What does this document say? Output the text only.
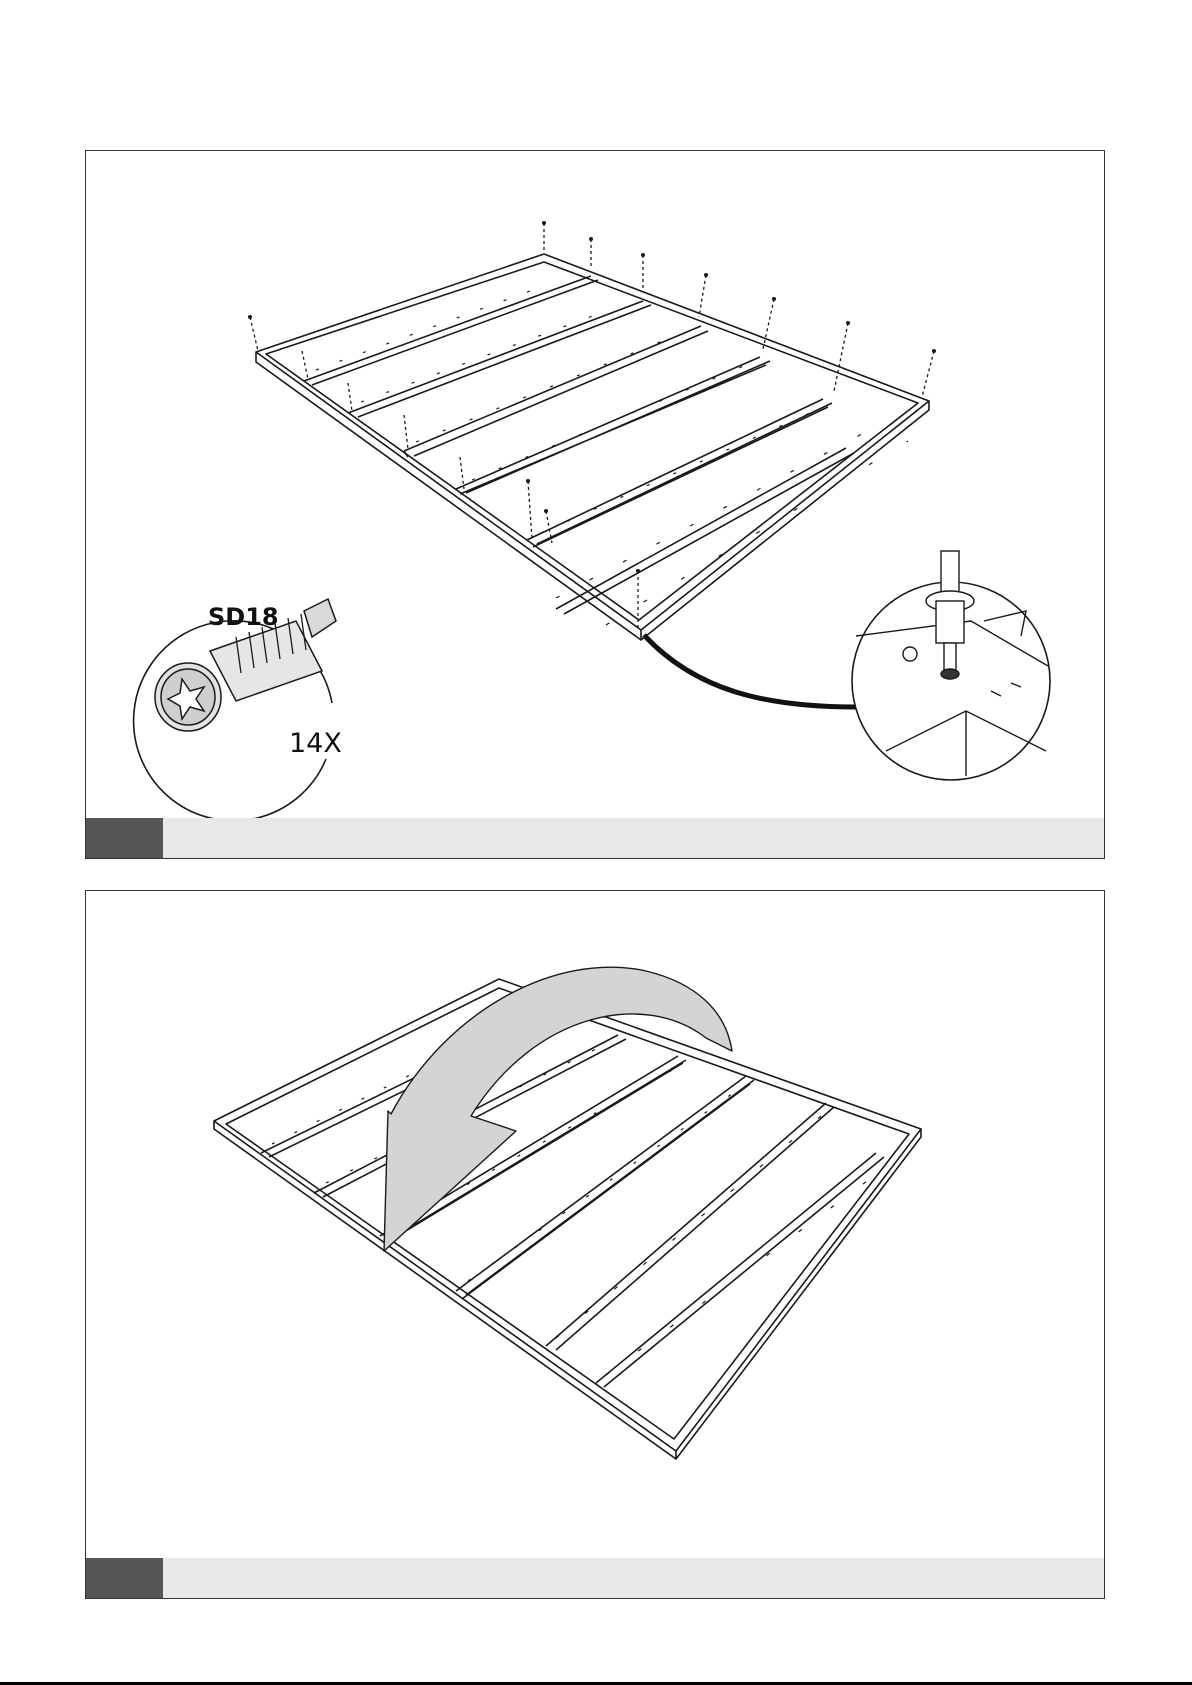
SD18
14X
